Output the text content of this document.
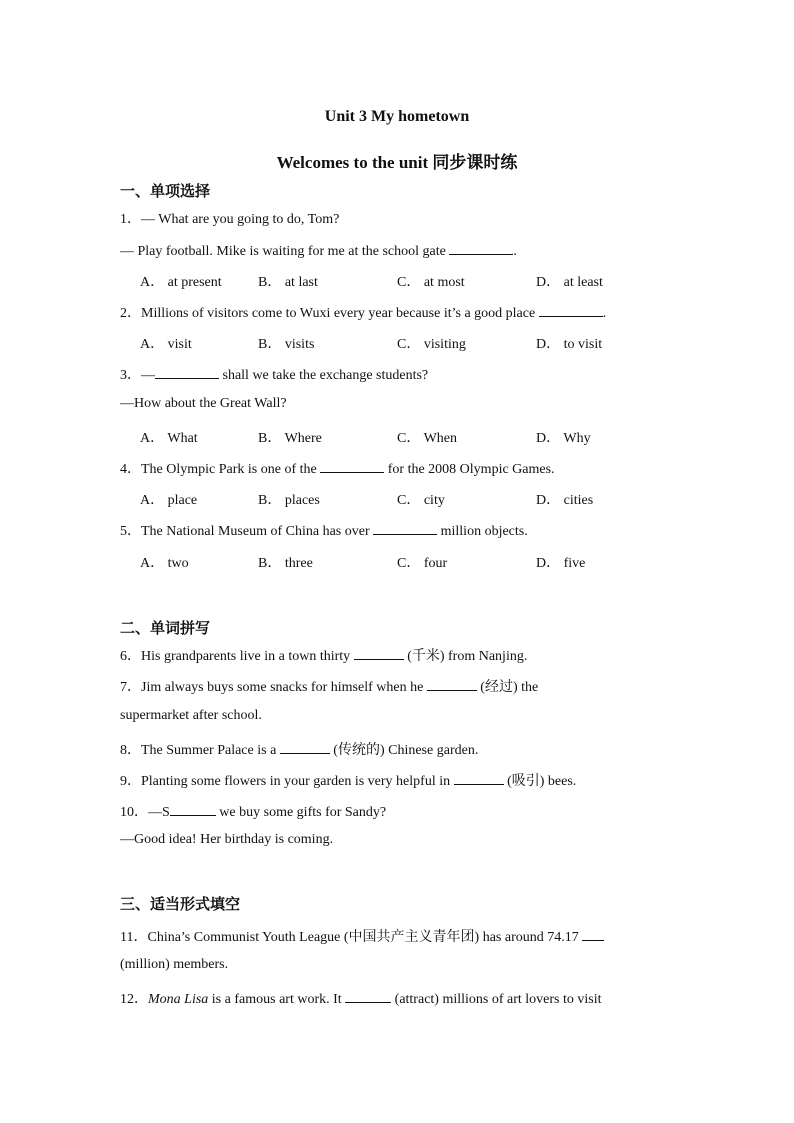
Unit 3 My hometown
Welcomes to the unit 同步课时练
一、单项选择
1．— What are you going to do, Tom?
— Play football. Mike is waiting for me at the school gate	.
A． at present	B． at last	C． at most	D． at least
2．Millions of visitors come to Wuxi every year because it’s a good place	.
A． visit	B． visits	C． visiting	D． to visit
3．—	shall we take the exchange students?
—How about the Great Wall?
A． What	B． Where	C． When	D． Why
4．The Olympic Park is one of the	for the 2008 Olympic Games.
A． place	B． places	C． city	D． cities
5．The National Museum of China has over	million objects.
A． two	B． three	C． four	D． five
二、单词拼写
6．His grandparents live in a town thirty	(千米) from Nanjing.
7．Jim always buys some snacks for himself when he	(经过) the
supermarket after school.
8．The Summer Palace is a	(传统的) Chinese garden.
9．Planting some flowers in your garden is very helpful in	(吸引) bees.
10．—S	we buy some gifts for Sandy?
—Good idea! Her birthday is coming.
三、适当形式填空
11．China’s Communist Youth League (中国共产主义青年团) has around 74.17
(million) members.
12．Mona Lisa is a famous art work. It	(attract) millions of art lovers to visit
